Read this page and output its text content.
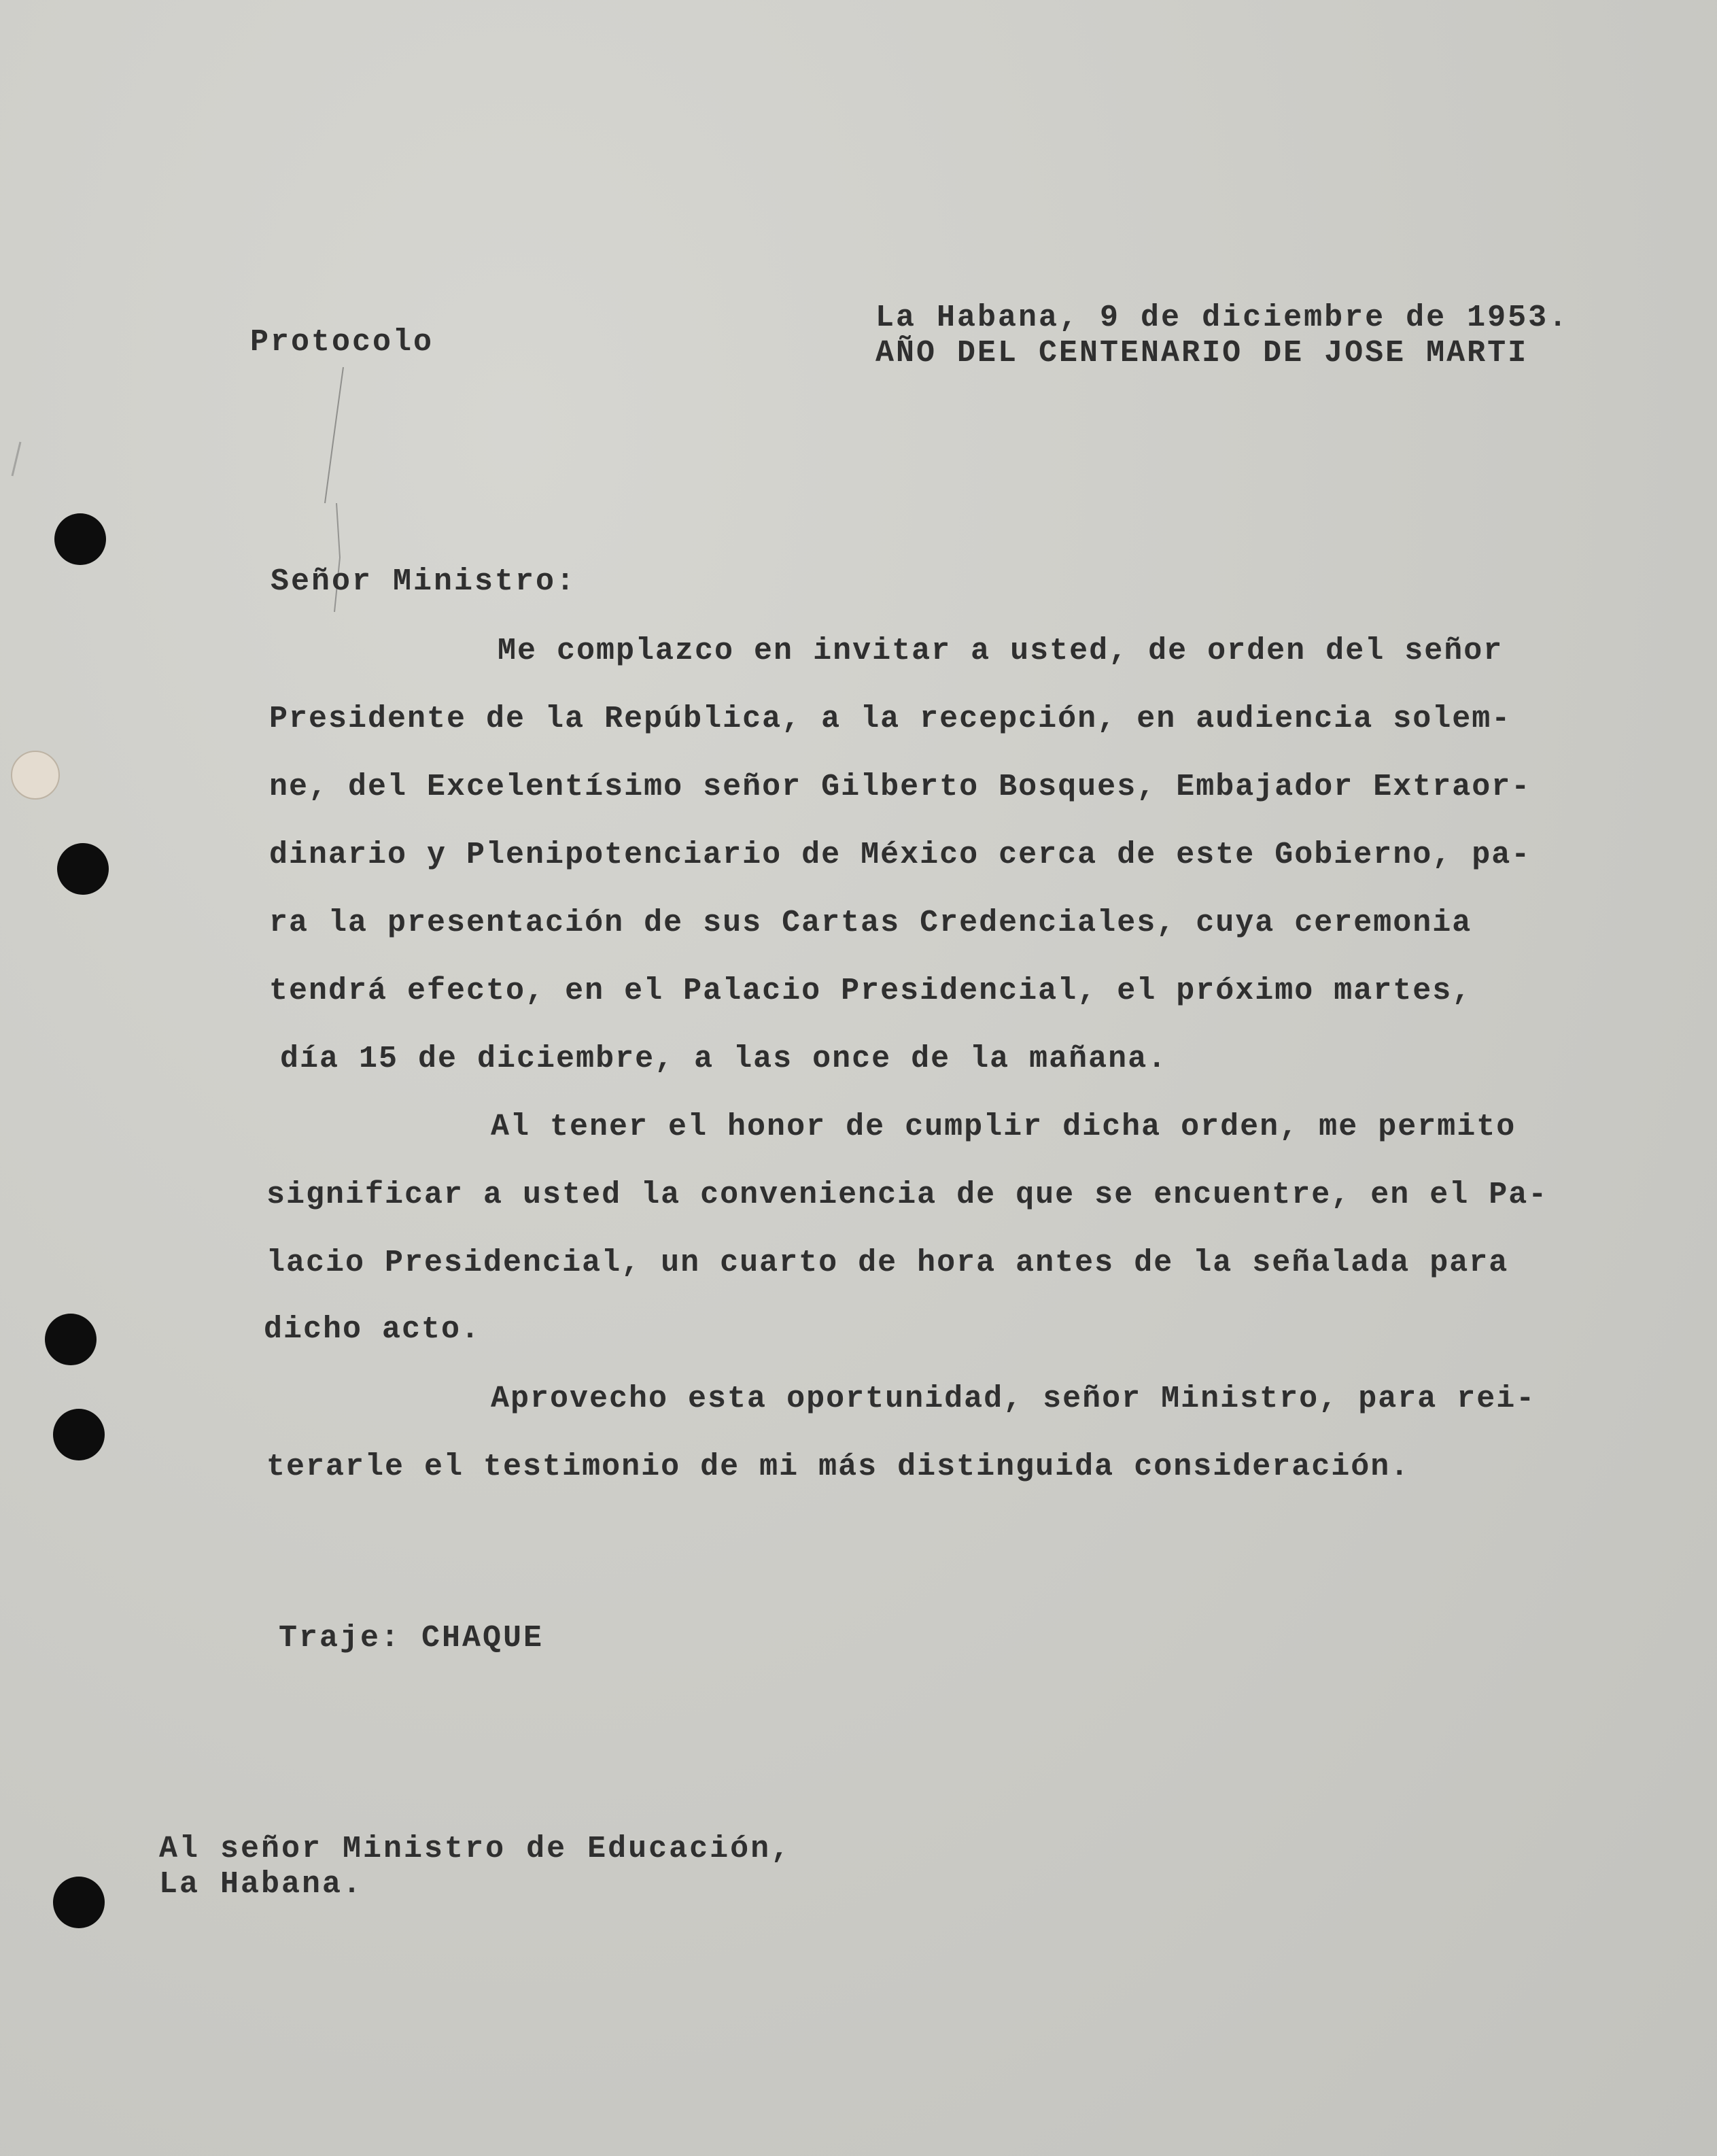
Protocolo
La Habana, 9 de diciembre de 1953.
AÑO DEL CENTENARIO DE JOSE MARTI
Señor Ministro:
Me complazco en invitar a usted, de orden del señor
Presidente de la República, a la recepción, en audiencia solem-
ne, del Excelentísimo señor Gilberto Bosques, Embajador Extraor-
dinario y Plenipotenciario de México cerca de este Gobierno, pa-
ra la presentación de sus Cartas Credenciales, cuya ceremonia
tendrá efecto, en el Palacio Presidencial, el próximo martes,
día 15 de diciembre, a las once de la mañana.
Al tener el honor de cumplir dicha orden, me permito
significar a usted la conveniencia de que se encuentre, en el Pa-
lacio Presidencial, un cuarto de hora antes de la señalada para
dicho acto.
Aprovecho esta oportunidad, señor Ministro, para rei-
terarle el testimonio de mi más distinguida consideración.
Traje: CHAQUE
Al señor Ministro de Educación,
La Habana.
